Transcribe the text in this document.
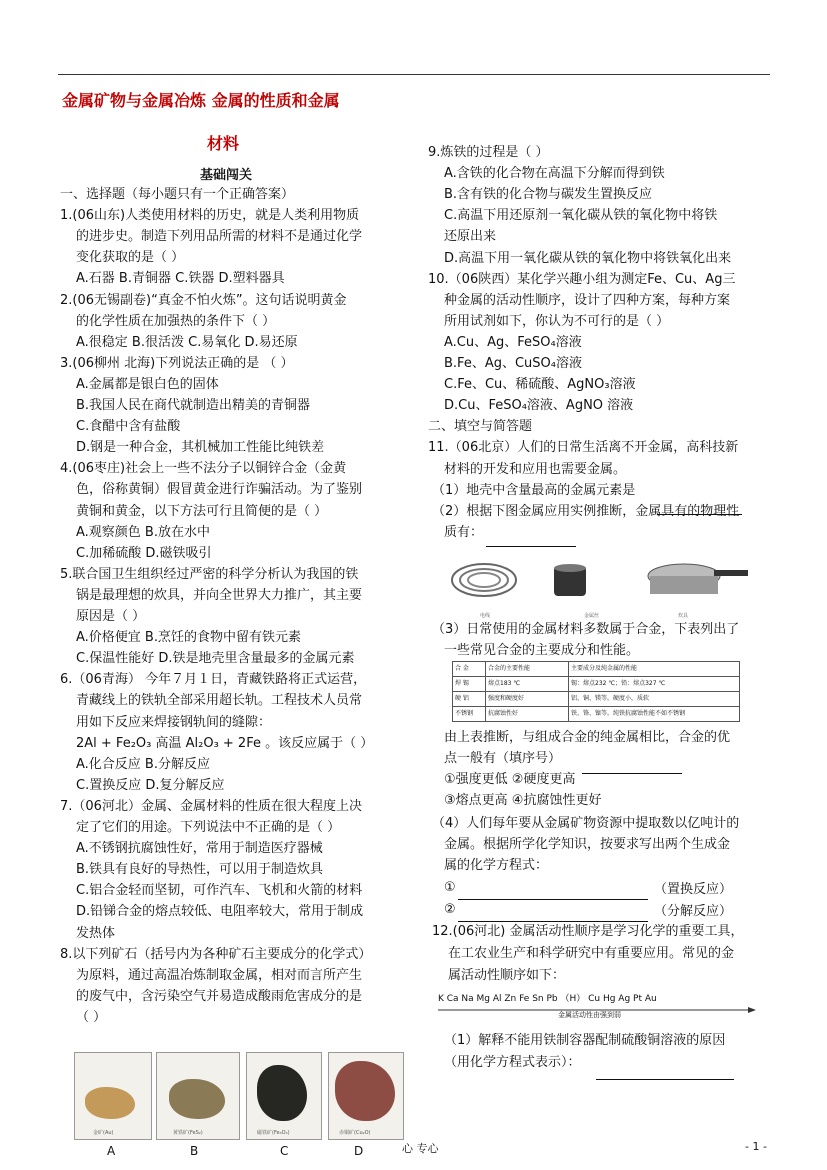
金属矿物与金属冶炼 金属的性质和金属
材料
基础闯关
一、选择题（每小题只有一个正确答案）
1.(06山东)人类使用材料的历史，就是人类利用物质
的进步史。制造下列用品所需的材料不是通过化学
变化获取的是（ ）
A.石器 B.青铜器 C.铁器 D.塑料器具
2.(06无锡副卷)“真金不怕火炼”。这句话说明黄金
的化学性质在加强热的条件下（ ）
A.很稳定 B.很活泼 C.易氧化 D.易还原
3.(06柳州 北海)下列说法正确的是 （ ）
A.金属都是银白色的固体
B.我国人民在商代就制造出精美的青铜器
C.食醋中含有盐酸
D.钢是一种合金，其机械加工性能比纯铁差
4.(06枣庄)社会上一些不法分子以铜锌合金（金黄
色，俗称黄铜）假冒黄金进行诈骗活动。为了鉴别
黄铜和黄金，以下方法可行且简便的是（ ）
A.观察颜色 B.放在水中
C.加稀硫酸 D.磁铁吸引
5.联合国卫生组织经过严密的科学分析认为我国的铁
锅是最理想的炊具，并向全世界大力推广，其主要
原因是（ ）
A.价格便宜 B.烹饪的食物中留有铁元素
C.保温性能好 D.铁是地壳里含量最多的金属元素
6.（06青海） 今年７月１日，青藏铁路将正式运营，
青藏线上的铁轨全部采用超长轨。工程技术人员常
用如下反应来焊接钢轨间的缝隙：
2Al + Fe₂O₃ 高温 Al₂O₃ + 2Fe 。该反应属于（ ）
A.化合反应 B.分解反应
C.置换反应 D.复分解反应
7.（06河北）金属、金属材料的性质在很大程度上决
定了它们的用途。下列说法中不正确的是（ ）
A.不锈钢抗腐蚀性好，常用于制造医疗器械
B.铁具有良好的导热性，可以用于制造炊具
C.铝合金轻而坚韧，可作汽车、飞机和火箭的材料
D.铅锑合金的熔点较低、电阻率较大，常用于制成
发热体
8.以下列矿石（括号内为各种矿石主要成分的化学式）
为原料，通过高温冶炼制取金属，相对而言所产生
的废气中，含污染空气并易造成酸雨危害成分的是
（ ）
金矿(Au)	黄铁矿(FeS₂)	磁铁矿(Fe₃O₄)	赤铜矿(Cu₂O)
A	B	C	D
9.炼铁的过程是（ ）
A.含铁的化合物在高温下分解而得到铁
B.含有铁的化合物与碳发生置换反应
C.高温下用还原剂一氧化碳从铁的氧化物中将铁
还原出来
D.高温下用一氧化碳从铁的氧化物中将铁氧化出来
10.（06陕西）某化学兴趣小组为测定Fe、Cu、Ag三
种金属的活动性顺序，设计了四种方案，每种方案
所用试剂如下，你认为不可行的是（ ）
A.Cu、Ag、FeSO₄溶液
B.Fe、Ag、CuSO₄溶液
C.Fe、Cu、稀硫酸、AgNO₃溶液
D.Cu、FeSO₄溶液、AgNO 溶液
二、填空与简答题
11.（06北京）人们的日常生活离不开金属，高科技新
材料的开发和应用也需要金属。
（1）地壳中含量最高的金属元素是
（2）根据下图金属应用实例推断，金属具有的物理性
质有：
电线	金属丝	炊具
（3）日常使用的金属材料多数属于合金，下表列出了
一些常见合金的主要成分和性能。
合 金	合金的主要性能	主要成分及纯金属的性能
焊 锡	熔点183 ℃	锡：熔点232 ℃；铅：熔点327 ℃
硬 铝	强度和硬度好	铝、铜、镁等。硬度小，质软
不锈钢	抗腐蚀性好	铁、铬、镍等。纯铁抗腐蚀性能不如不锈钢
由上表推断，与组成合金的纯金属相比，合金的优
点一般有（填序号）
①强度更低 ②硬度更高
③熔点更高 ④抗腐蚀性更好
（4）人们每年要从金属矿物资源中提取数以亿吨计的
金属。根据所学化学知识，按要求写出两个生成金
属的化学方程式：
①
②
12.(06河北) 金属活动性顺序是学习化学的重要工具，
在工农业生产和科学研究中有重要应用。常见的金
属活动性顺序如下：
（置换反应）
（分解反应）
K Ca Na Mg Al Zn Fe Sn Pb （H） Cu Hg Ag Pt Au
金属活动性由强到弱
（1）解释不能用铁制容器配制硫酸铜溶液的原因
（用化学方程式表示）：
心 专心	- 1 -
